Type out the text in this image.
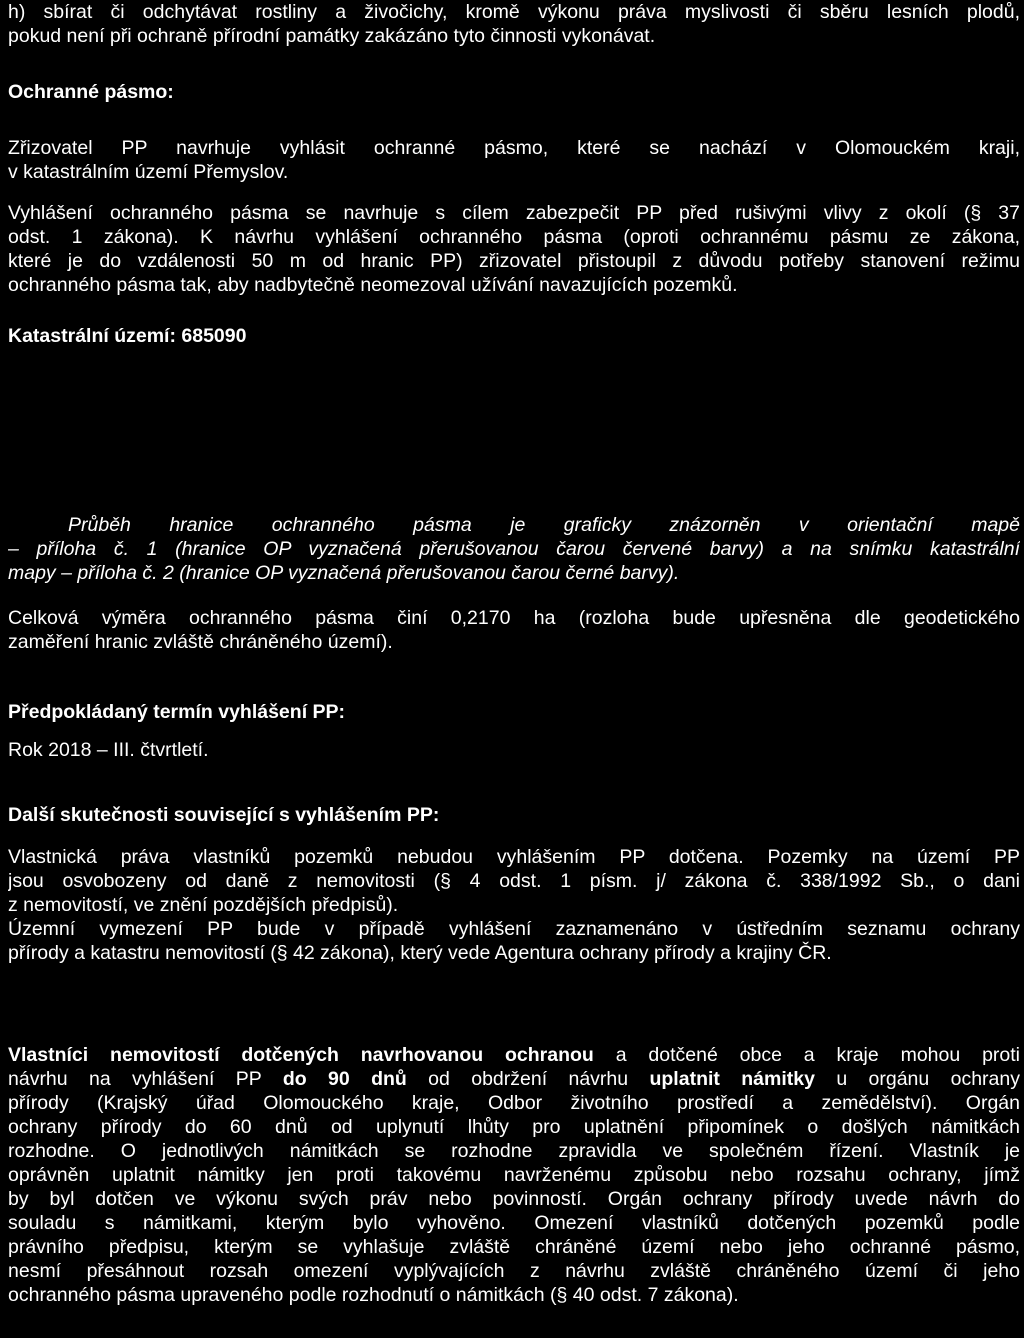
h) sbírat či odchytávat rostliny a živočichy, kromě výkonu práva myslivosti či sběru lesních plodů,
pokud není při ochraně přírodní památky zakázáno tyto činnosti vykonávat.
Ochranné pásmo:
Zřizovatel PP navrhuje vyhlásit ochranné pásmo, které se nachází v Olomouckém kraji,
v katastrálním území Přemyslov.
Vyhlášení ochranného pásma se navrhuje s cílem zabezpečit PP před rušivými vlivy z okolí (§ 37
odst. 1 zákona). K návrhu vyhlášení ochranného pásma (oproti ochrannému pásmu ze zákona,
které je do vzdálenosti 50 m od hranic PP) zřizovatel přistoupil z důvodu potřeby stanovení režimu
ochranného pásma tak, aby nadbytečně neomezoval užívání navazujících pozemků.
Katastrální území: 685090
Průběh hranice ochranného pásma je graficky znázorněn v orientační mapě
– příloha č. 1 (hranice OP vyznačená přerušovanou čarou červené barvy) a na snímku katastrální
mapy – příloha č. 2 (hranice OP vyznačená přerušovanou čarou černé barvy).
Celková výměra ochranného pásma činí 0,2170 ha (rozloha bude upřesněna dle geodetického
zaměření hranic zvláště chráněného území).
Předpokládaný termín vyhlášení PP:
Rok 2018 – III. čtvrtletí.
Další skutečnosti související s vyhlášením PP:
Vlastnická práva vlastníků pozemků nebudou vyhlášením PP dotčena. Pozemky na území PP
jsou osvobozeny od daně z nemovitosti (§ 4 odst. 1 písm. j/ zákona č. 338/1992 Sb., o dani
z nemovitostí, ve znění pozdějších předpisů).
Územní vymezení PP bude v případě vyhlášení zaznamenáno v ústředním seznamu ochrany
přírody a katastru nemovitostí (§ 42 zákona), který vede Agentura ochrany přírody a krajiny ČR.
Vlastníci nemovitostí dotčených navrhovanou ochranou a dotčené obce a kraje mohou proti
návrhu na vyhlášení PP do 90 dnů od obdržení návrhu uplatnit námitky u orgánu ochrany
přírody (Krajský úřad Olomouckého kraje, Odbor životního prostředí a zemědělství). Orgán
ochrany přírody do 60 dnů od uplynutí lhůty pro uplatnění připomínek o došlých námitkách
rozhodne. O jednotlivých námitkách se rozhodne zpravidla ve společném řízení. Vlastník je
oprávněn uplatnit námitky jen proti takovému navrženému způsobu nebo rozsahu ochrany, jímž
by byl dotčen ve výkonu svých práv nebo povinností. Orgán ochrany přírody uvede návrh do
souladu s námitkami, kterým bylo vyhověno. Omezení vlastníků dotčených pozemků podle
právního předpisu, kterým se vyhlašuje zvláště chráněné území nebo jeho ochranné pásmo,
nesmí přesáhnout rozsah omezení vyplývajících z návrhu zvláště chráněného území či jeho
ochranného pásma upraveného podle rozhodnutí o námitkách (§ 40 odst. 7 zákona).
